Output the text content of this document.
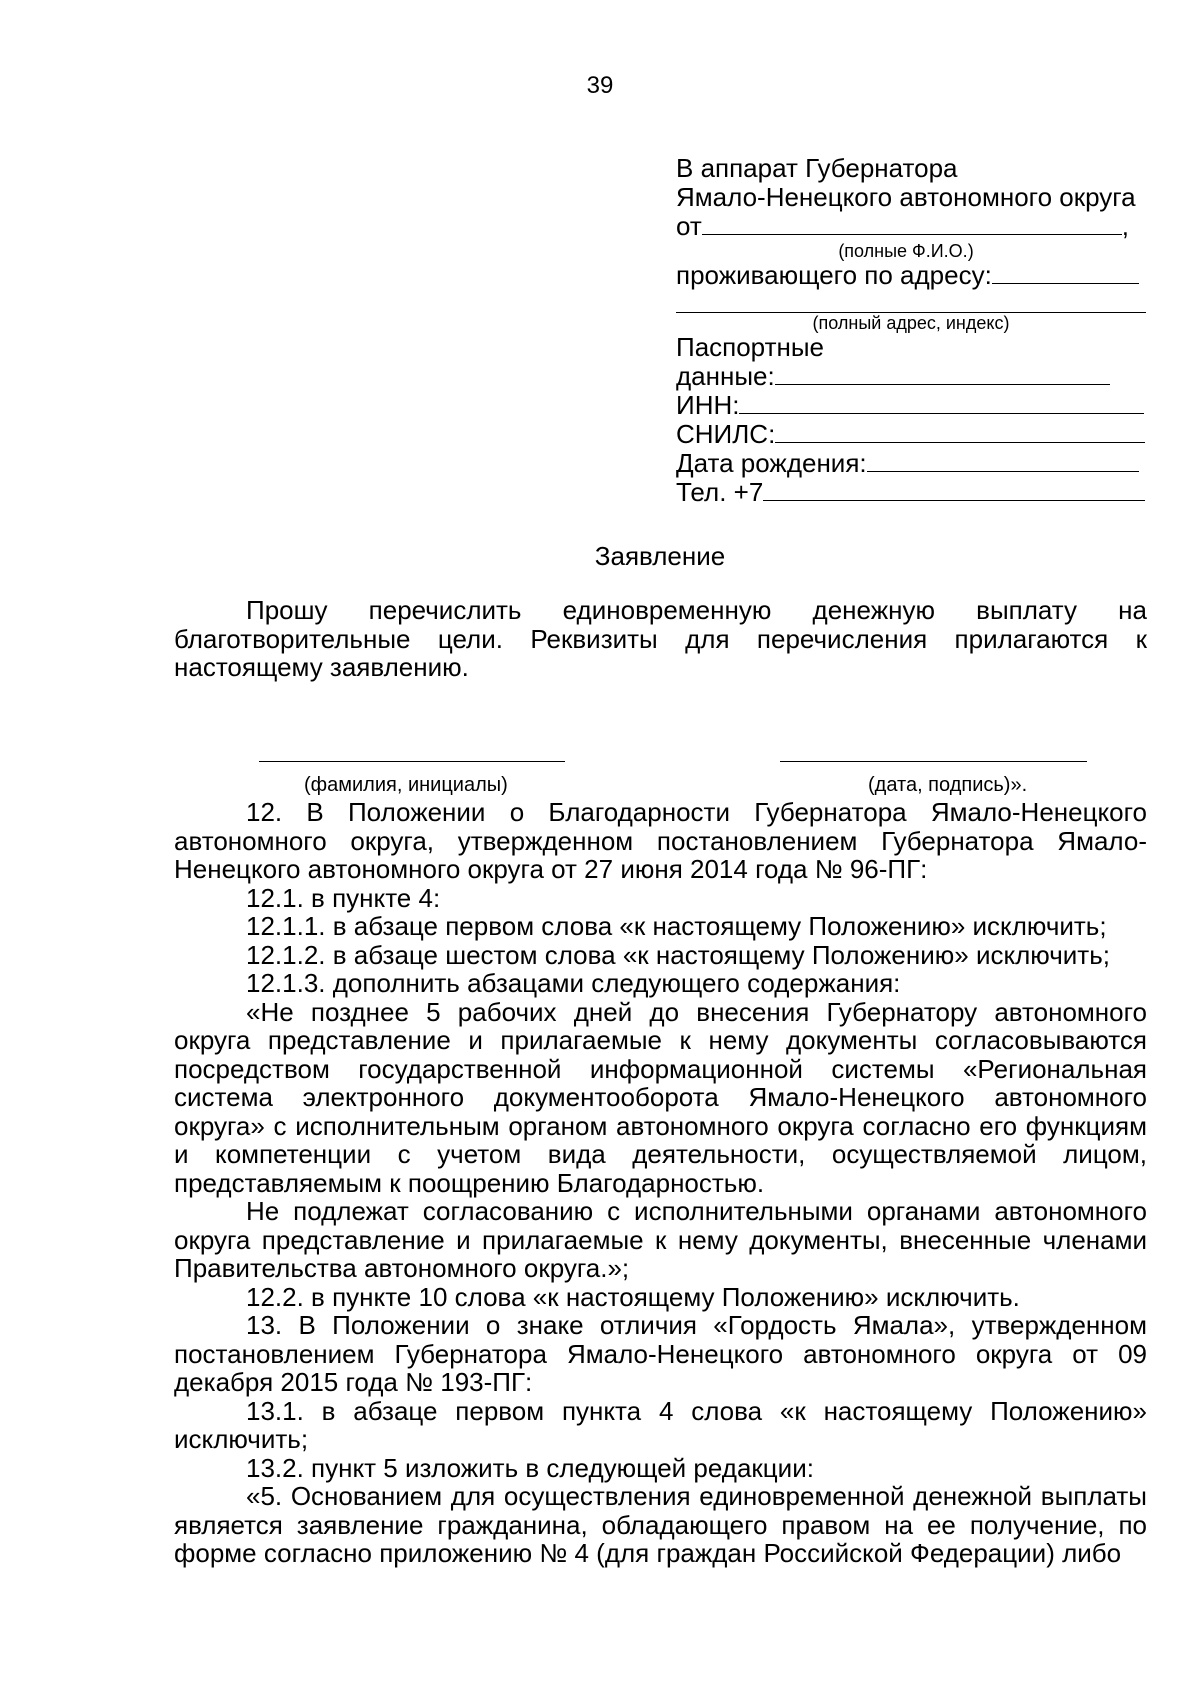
39
В аппарат Губернатора
Ямало-Ненецкого автономного округа
от	,
(полные Ф.И.О.)
проживающего по адресу:
(полный адрес, индекс)
Паспортные
данные:
ИНН:
СНИЛС:
Дата рождения:
Тел. +7
Заявление

Прошу перечислить единовременную денежную выплату на благотворительные цели. Реквизиты для перечисления прилагаются к настоящему заявлению.

(фамилия, инициалы)	(дата, подпись)».

12. В Положении о Благодарности Губернатора Ямало-Ненецкого автономного округа, утвержденном постановлением Губернатора Ямало-Ненецкого автономного округа от 27 июня 2014 года № 96-ПГ:

12.1. в пункте 4:

12.1.1. в абзаце первом слова «к настоящему Положению» исключить;

12.1.2. в абзаце шестом слова «к настоящему Положению» исключить;

12.1.3. дополнить абзацами следующего содержания:

«Не позднее 5 рабочих дней до внесения Губернатору автономного округа представление и прилагаемые к нему документы согласовываются посредством государственной информационной системы «Региональная система электронного документооборота Ямало-Ненецкого автономного округа» с исполнительным органом автономного округа согласно его функциям и компетенции с учетом вида деятельности, осуществляемой лицом, представляемым к поощрению Благодарностью.

Не подлежат согласованию с исполнительными органами автономного округа представление и прилагаемые к нему документы, внесенные членами Правительства автономного округа.»;

12.2. в пункте 10 слова «к настоящему Положению» исключить.

13. В Положении о знаке отличия «Гордость Ямала», утвержденном постановлением Губернатора Ямало-Ненецкого автономного округа от 09 декабря 2015 года № 193-ПГ:

13.1. в абзаце первом пункта 4 слова «к настоящему Положению» исключить;

13.2. пункт 5 изложить в следующей редакции:

«5. Основанием для осуществления единовременной денежной выплаты является заявление гражданина, обладающего правом на ее получение, по форме согласно приложению № 4 (для граждан Российской Федерации) либо
